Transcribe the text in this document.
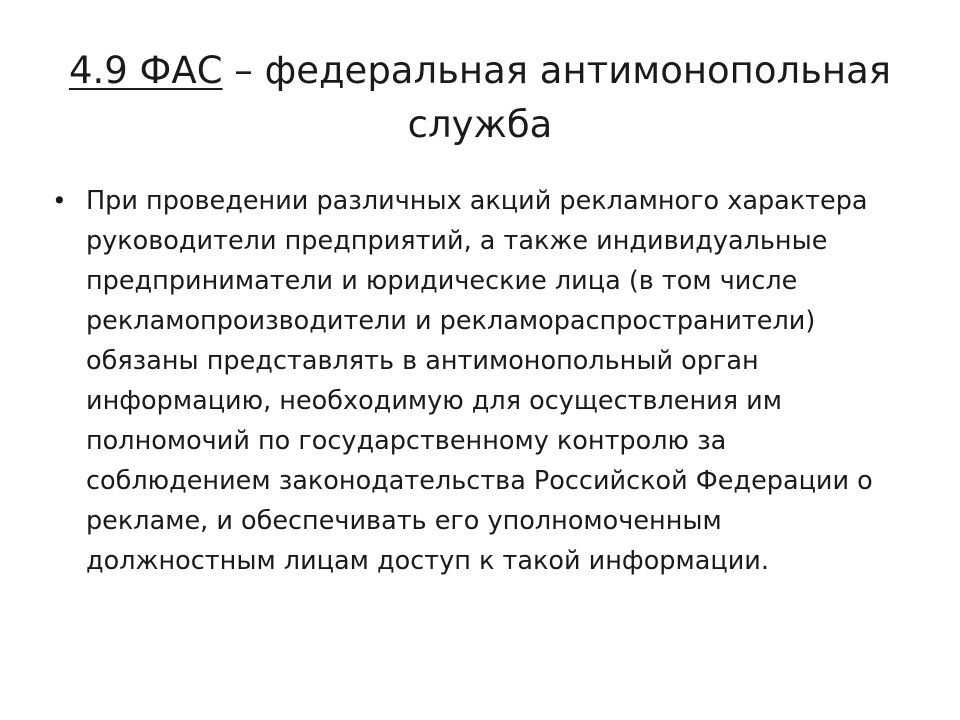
4.9 ФАС – федеральная антимонопольная
служба
• При проведении различных акций рекламного характера руководители предприятий, а также индивидуальные предприниматели и юридические лица (в том числе рекламопроизводители и рекламораспространители) обязаны представлять в антимонопольный орган информацию, необходимую для осуществления им полномочий по государственному контролю за соблюдением законодательства Российской Федерации о рекламе, и обеспечивать его уполномоченным должностным лицам доступ к такой информации.
